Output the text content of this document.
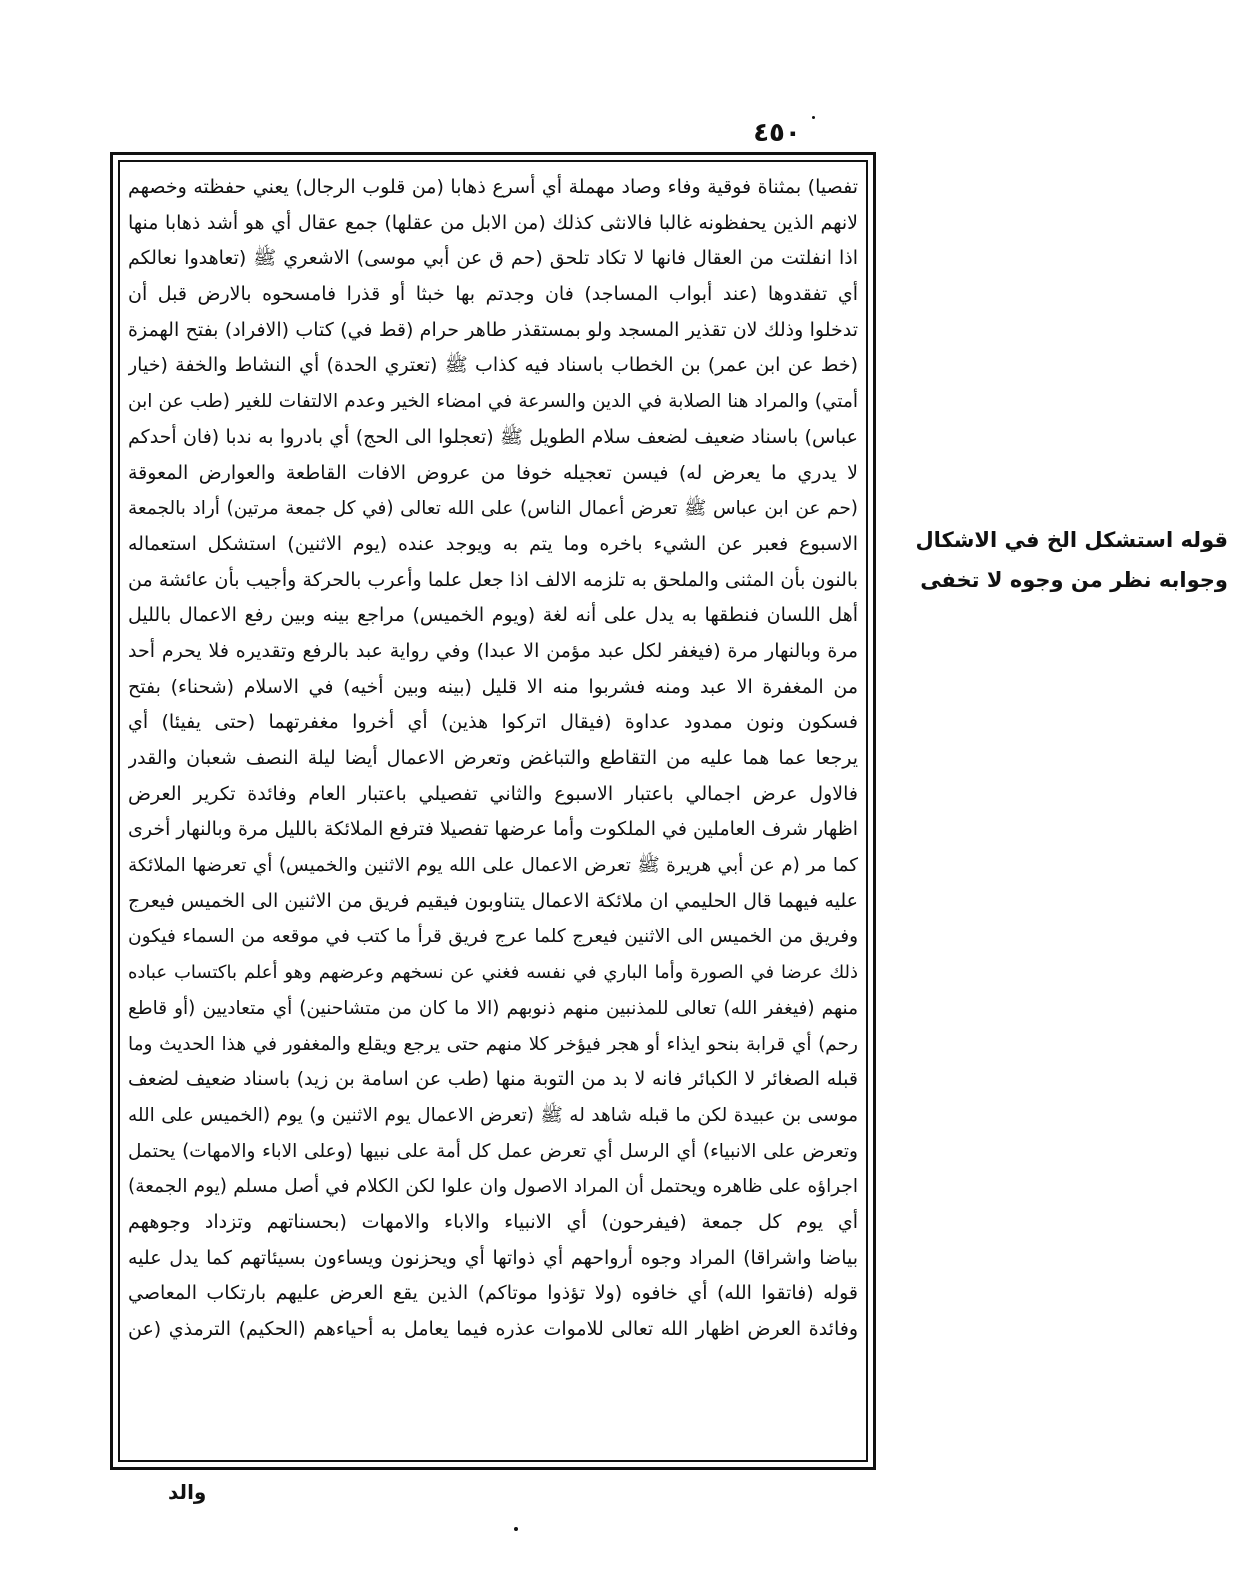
٤٥٠
تفصيا) بمثناة فوقية وفاء وصاد مهملة أي أسرع ذهابا (من قلوب الرجال) يعني حفظته وخصهم
لانهم الذين يحفظونه غالبا فالانثى كذلك (من الابل من عقلها) جمع عقال أي هو أشد ذهابا منها
اذا انفلتت من العقال فانها لا تكاد تلحق (حم ق عن أبي موسى) الاشعري ﷺ (تعاهدوا نعالكم
أي تفقدوها (عند أبواب المساجد) فان وجدتم بها خبثا أو قذرا فامسحوه بالارض قبل أن
تدخلوا وذلك لان تقذير المسجد ولو بمستقذر طاهر حرام (قط في) كتاب (الافراد) بفتح الهمزة
(خط عن ابن عمر) بن الخطاب باسناد فيه كذاب ﷺ (تعتري الحدة) أي النشاط والخفة (خيار
أمتي) والمراد هنا الصلابة في الدين والسرعة في امضاء الخير وعدم الالتفات للغير (طب عن ابن
عباس) باسناد ضعيف لضعف سلام الطويل ﷺ (تعجلوا الى الحج) أي بادروا به ندبا (فان أحدكم
لا يدري ما يعرض له) فيسن تعجيله خوفا من عروض الافات القاطعة والعوارض المعوقة
(حم عن ابن عباس ﷺ تعرض أعمال الناس) على الله تعالى (في كل جمعة مرتين) أراد بالجمعة
الاسبوع فعبر عن الشيء باخره وما يتم به ويوجد عنده (يوم الاثنين) استشكل استعماله
بالنون بأن المثنى والملحق به تلزمه الالف اذا جعل علما وأعرب بالحركة وأجيب بأن عائشة من
أهل اللسان فنطقها به يدل على أنه لغة (ويوم الخميس) مراجع بينه وبين رفع الاعمال بالليل
مرة وبالنهار مرة (فيغفر لكل عبد مؤمن الا عبدا) وفي رواية عبد بالرفع وتقديره فلا يحرم أحد
من المغفرة الا عبد ومنه فشربوا منه الا قليل (بينه وبين أخيه) في الاسلام (شحناء) بفتح
فسكون ونون ممدود عداوة (فيقال اتركوا هذين) أي أخروا مغفرتهما (حتى يفيئا) أي
يرجعا عما هما عليه من التقاطع والتباغض وتعرض الاعمال أيضا ليلة النصف شعبان والقدر
فالاول عرض اجمالي باعتبار الاسبوع والثاني تفصيلي باعتبار العام وفائدة تكرير العرض
اظهار شرف العاملين في الملكوت وأما عرضها تفصيلا فترفع الملائكة بالليل مرة وبالنهار أخرى
كما مر (م عن أبي هريرة ﷺ تعرض الاعمال على الله يوم الاثنين والخميس) أي تعرضها الملائكة
عليه فيهما قال الحليمي ان ملائكة الاعمال يتناوبون فيقيم فريق من الاثنين الى الخميس فيعرج
وفريق من الخميس الى الاثنين فيعرج كلما عرج فريق قرأ ما كتب في موقعه من السماء فيكون
ذلك عرضا في الصورة وأما الباري في نفسه فغني عن نسخهم وعرضهم وهو أعلم باكتساب عباده
منهم (فيغفر الله) تعالى للمذنبين منهم ذنوبهم (الا ما كان من متشاحنين) أي متعاديين (أو قاطع
رحم) أي قرابة بنحو ايذاء أو هجر فيؤخر كلا منهم حتى يرجع ويقلع والمغفور في هذا الحديث وما
قبله الصغائر لا الكبائر فانه لا بد من التوبة منها (طب عن اسامة بن زيد) باسناد ضعيف لضعف
موسى بن عبيدة لكن ما قبله شاهد له ﷺ (تعرض الاعمال يوم الاثنين و) يوم (الخميس على الله
وتعرض على الانبياء) أي الرسل أي تعرض عمل كل أمة على نبيها (وعلى الاباء والامهات) يحتمل
اجراؤه على ظاهره ويحتمل أن المراد الاصول وان علوا لكن الكلام في أصل مسلم (يوم الجمعة)
أي يوم كل جمعة (فيفرحون) أي الانبياء والاباء والامهات (بحسناتهم وتزداد وجوههم
بياضا واشراقا) المراد وجوه أرواحهم أي ذواتها أي ويحزنون ويساءون بسيئاتهم كما يدل عليه
قوله (فاتقوا الله) أي خافوه (ولا تؤذوا موتاكم) الذين يقع العرض عليهم بارتكاب المعاصي
وفائدة العرض اظهار الله تعالى للاموات عذره فيما يعامل به أحياءهم (الحكيم) الترمذي (عن
قوله استشكل الخ في الاشكال
وجوابه نظر من وجوه لا تخفى
والد
